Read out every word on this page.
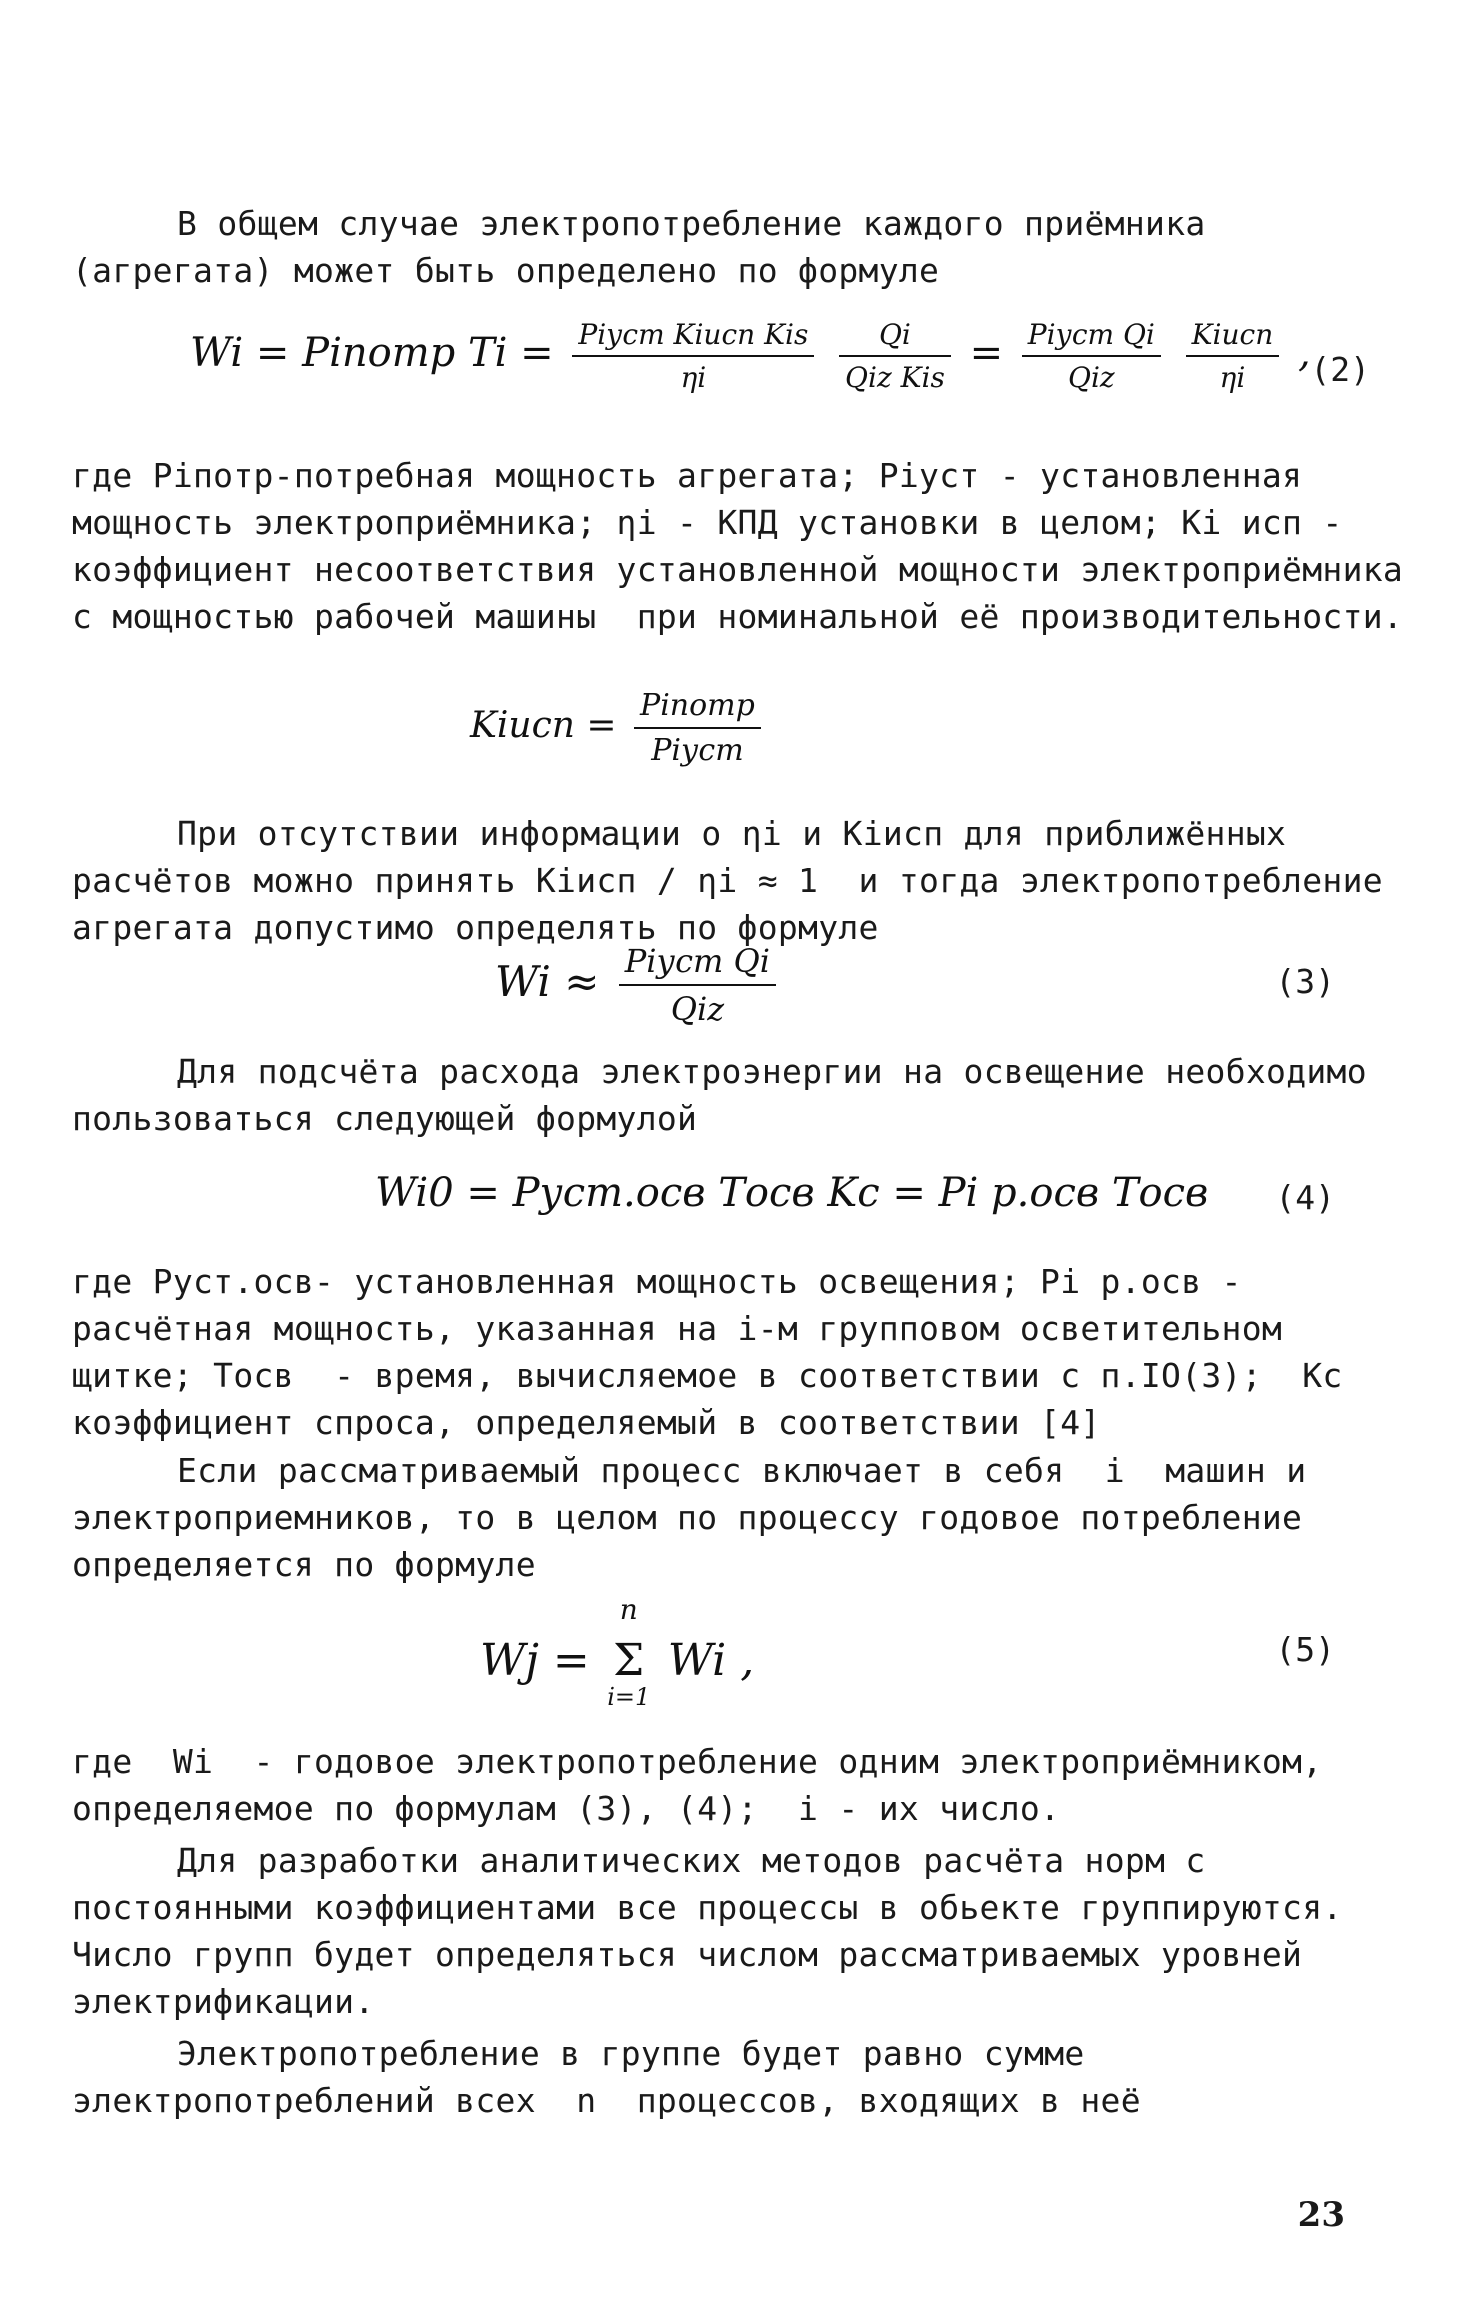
В общем случае электропотребление каждого приёмника (агрегата) может быть определено по формуле
Wi = Piпотр $Ti = \frac{\text{Piуст Kiисп Kis}}{\eta i}$
$\frac{Qi}{\text{Qiz Kis}} = \frac{\text{Piуст Qi}}{\text{Qiz}}$
$\frac{\text{Kiисп}}{\eta i}$ , (2)
где Piпотр-потребная мощность агрегата; Piуст - установленная мощность электроприёмника; ηi - КПД установки в целом; Ki исп - коэффициент несоответствия установленной мощности электроприёмника с мощностью рабочей машины  при номинальной её производительности.
Kiисп = $\frac{\text{Piпотр}}{\text{Piуст}}$
При отсутствии информации о ηi и Kiисп для приближённых расчётов можно принять Kiисп / ηi ≈ 1  и тогда электропотребление агрегата допустимо определять по формуле
$Wi \approx \frac{\text{Piуст Qi}}{\text{Qiz}}$	(3)
Для подсчёта расхода электроэнергии на освещение необходимо пользоваться следующей формулой
Wi0 = Pуст.осв Tосв Kc = Pi р.осв Tосв (4)
где Pуст.осв- установленная мощность освещения; Pi р.осв - расчётная мощность, указанная на i-м групповом осветительном щитке; Tосв  - время, вычисляемое в соответствии с п.IO(3);  Kc коэффициент спроса, определяемый в соответствии [4]
Если рассматриваемый процесс включает в себя  i  машин и электроприемников, то в целом по процессу годовое потребление определяется по формуле
Wj =
n
Σ
i=1
Wi ,	(5)
где  Wi  - годовое электропотребление одним электроприёмником, определяемое по формулам (3), (4);  i - их число.
Для разработки аналитических методов расчёта норм с постоянными коэффициентами все процессы в обьекте группируются. Число групп будет определяться числом рассматриваемых уровней электрификации.
Электропотребление в группе будет равно сумме электропотреблений всех  n  процессов, входящих в неё
23
